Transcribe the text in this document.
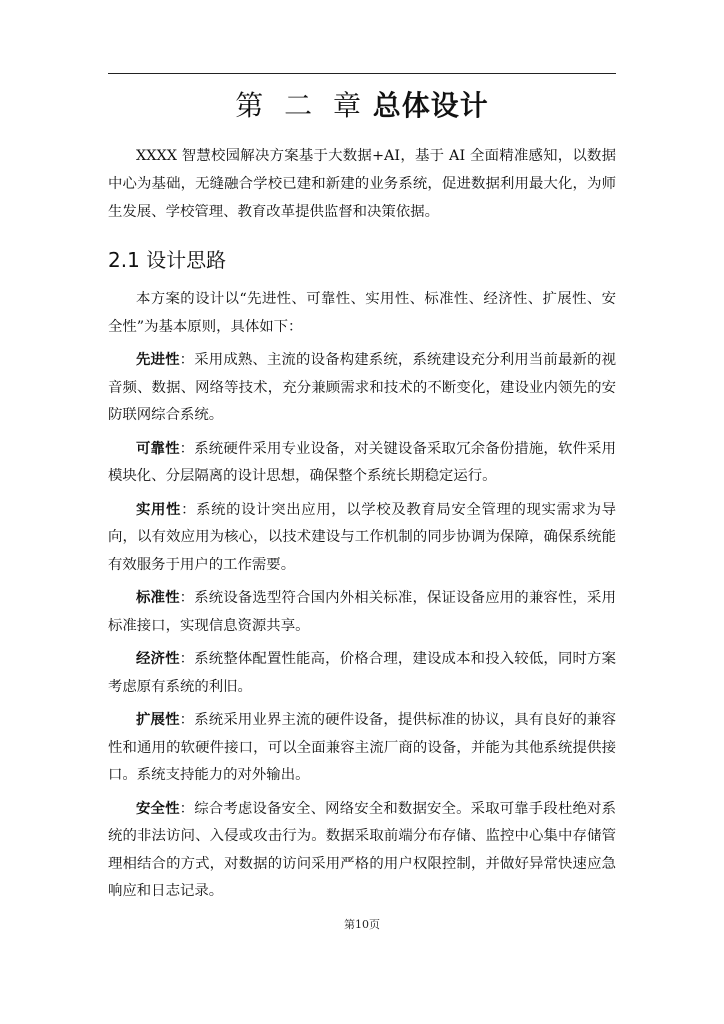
第 二 章 总体设计

XXXX 智慧校园解决方案基于大数据+AI，基于 AI 全面精准感知，以数据中心为基础，无缝融合学校已建和新建的业务系统，促进数据利用最大化，为师生发展、学校管理、教育改革提供监督和决策依据。

2.1 设计思路

本方案的设计以“先进性、可靠性、实用性、标准性、经济性、扩展性、安全性”为基本原则，具体如下：

先进性：采用成熟、主流的设备构建系统，系统建设充分利用当前最新的视音频、数据、网络等技术，充分兼顾需求和技术的不断变化，建设业内领先的安防联网综合系统。

可靠性：系统硬件采用专业设备，对关键设备采取冗余备份措施，软件采用模块化、分层隔离的设计思想，确保整个系统长期稳定运行。

实用性：系统的设计突出应用，以学校及教育局安全管理的现实需求为导向，以有效应用为核心，以技术建设与工作机制的同步协调为保障，确保系统能有效服务于用户的工作需要。

标准性：系统设备选型符合国内外相关标准，保证设备应用的兼容性，采用标准接口，实现信息资源共享。

经济性：系统整体配置性能高，价格合理，建设成本和投入较低，同时方案考虑原有系统的利旧。

扩展性：系统采用业界主流的硬件设备，提供标准的协议，具有良好的兼容性和通用的软硬件接口，可以全面兼容主流厂商的设备，并能为其他系统提供接口。系统支持能力的对外输出。

安全性：综合考虑设备安全、网络安全和数据安全。采取可靠手段杜绝对系统的非法访问、入侵或攻击行为。数据采取前端分布存储、监控中心集中存储管理相结合的方式，对数据的访问采用严格的用户权限控制，并做好异常快速应急响应和日志记录。

第10页
